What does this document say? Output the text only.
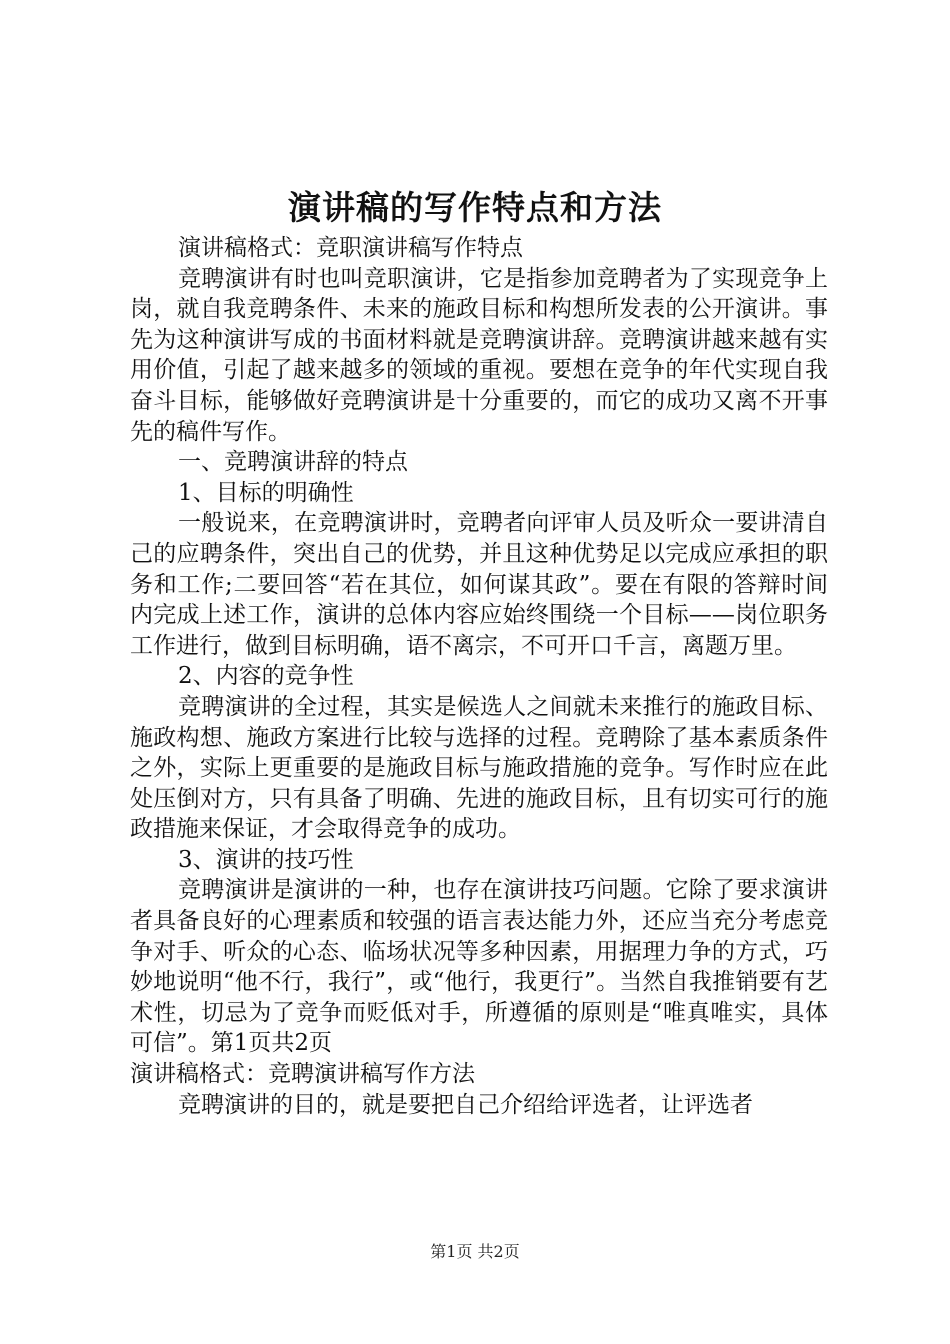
演讲稿的写作特点和方法

演讲稿格式：竞职演讲稿写作特点

竞聘演讲有时也叫竞职演讲，它是指参加竞聘者为了实现竞争上岗，就自我竞聘条件、未来的施政目标和构想所发表的公开演讲。事先为这种演讲写成的书面材料就是竞聘演讲辞。竞聘演讲越来越有实用价值，引起了越来越多的领域的重视。要想在竞争的年代实现自我奋斗目标，能够做好竞聘演讲是十分重要的，而它的成功又离不开事先的稿件写作。

一、竞聘演讲辞的特点

1、目标的明确性

一般说来，在竞聘演讲时，竞聘者向评审人员及听众一要讲清自己的应聘条件，突出自己的优势，并且这种优势足以完成应承担的职务和工作;二要回答“若在其位，如何谋其政”。要在有限的答辩时间内完成上述工作，演讲的总体内容应始终围绕一个目标——岗位职务工作进行，做到目标明确，语不离宗，不可开口千言，离题万里。

2、内容的竞争性

竞聘演讲的全过程，其实是候选人之间就未来推行的施政目标、施政构想、施政方案进行比较与选择的过程。竞聘除了基本素质条件之外，实际上更重要的是施政目标与施政措施的竞争。写作时应在此处压倒对方，只有具备了明确、先进的施政目标，且有切实可行的施政措施来保证，才会取得竞争的成功。

3、演讲的技巧性

竞聘演讲是演讲的一种，也存在演讲技巧问题。它除了要求演讲者具备良好的心理素质和较强的语言表达能力外，还应当充分考虑竞争对手、听众的心态、临场状况等多种因素，用据理力争的方式，巧妙地说明“他不行，我行”，或“他行，我更行”。当然自我推销要有艺术性，切忌为了竞争而贬低对手，所遵循的原则是“唯真唯实，具体可信”。第1页共2页

演讲稿格式：竞聘演讲稿写作方法

竞聘演讲的目的，就是要把自己介绍给评选者，让评选者

第1页 共2页
